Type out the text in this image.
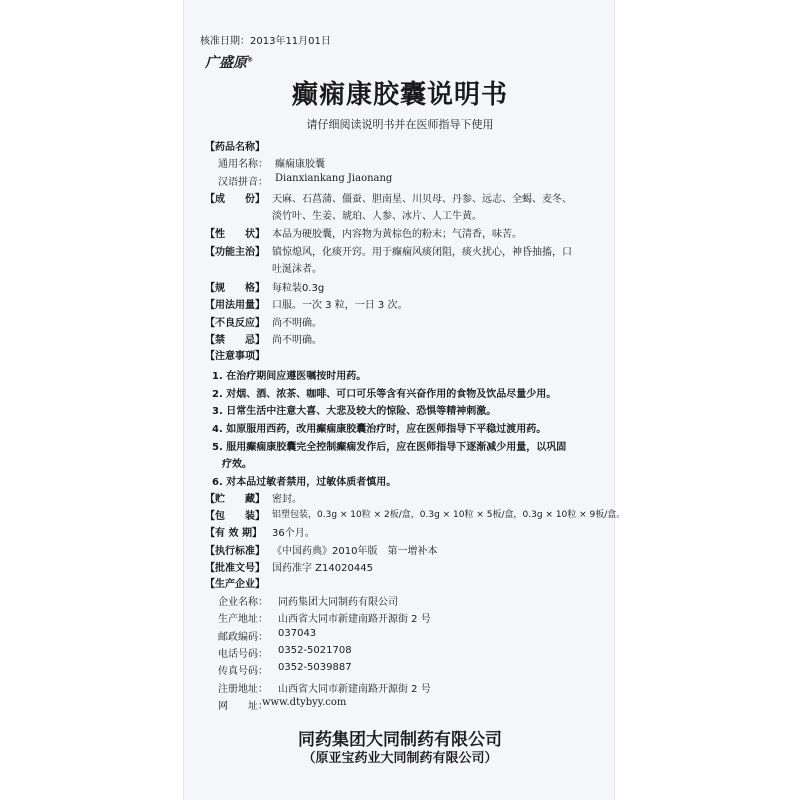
核准日期：2013年11月01日
广盛原®
癫痫康胶囊说明书
请仔细阅读说明书并在医师指导下使用
【药品名称】
通用名称： 癫痫康胶囊
汉语拼音： Dianxiankang Jiaonang
【成　　份】 天麻、石菖蒲、僵蚕、胆南星、川贝母、丹参、远志、全蝎、麦冬、
淡竹叶、生姜、琥珀、人参、冰片、人工牛黄。
【性　　状】 本品为硬胶囊，内容物为黄棕色的粉末；气清香，味苦。
【功能主治】 镇惊熄风，化痰开窍。用于癫痫风痰闭阻，痰火扰心，神昏抽搐，口
吐涎沫者。
【规　　格】 每粒装0.3g
【用法用量】 口服。一次 3 粒，一日 3 次。
【不良反应】 尚不明确。
【禁　　忌】 尚不明确。
【注意事项】
1. 在治疗期间应遵医嘱按时用药。
2. 对烟、酒、浓茶、咖啡、可口可乐等含有兴奋作用的食物及饮品尽量少用。
3. 日常生活中注意大喜、大悲及较大的惊险、恐惧等精神刺激。
4. 如原服用西药，改用癫痫康胶囊治疗时，应在医师指导下平稳过渡用药。
5. 服用癫痫康胶囊完全控制癫痫发作后，应在医师指导下逐渐减少用量，以巩固
疗效。
6. 对本品过敏者禁用，过敏体质者慎用。
【贮　　藏】 密封。
【包　　装】 铝塑包装，0.3g × 10粒 × 2板/盒，0.3g × 10粒 × 5板/盒，0.3g × 10粒 × 9板/盒。
【有 效 期】 36个月。
【执行标准】 《中国药典》2010年版　第一增补本
【批准文号】 国药准字 Z14020445
【生产企业】
企业名称： 同药集团大同制药有限公司
生产地址： 山西省大同市新建南路开源街 2 号
邮政编码： 037043
电话号码： 0352-5021708
传真号码： 0352-5039887
注册地址： 山西省大同市新建南路开源街 2 号
网　　址：
www.dtybyy.com
同药集团大同制药有限公司
（原亚宝药业大同制药有限公司）
